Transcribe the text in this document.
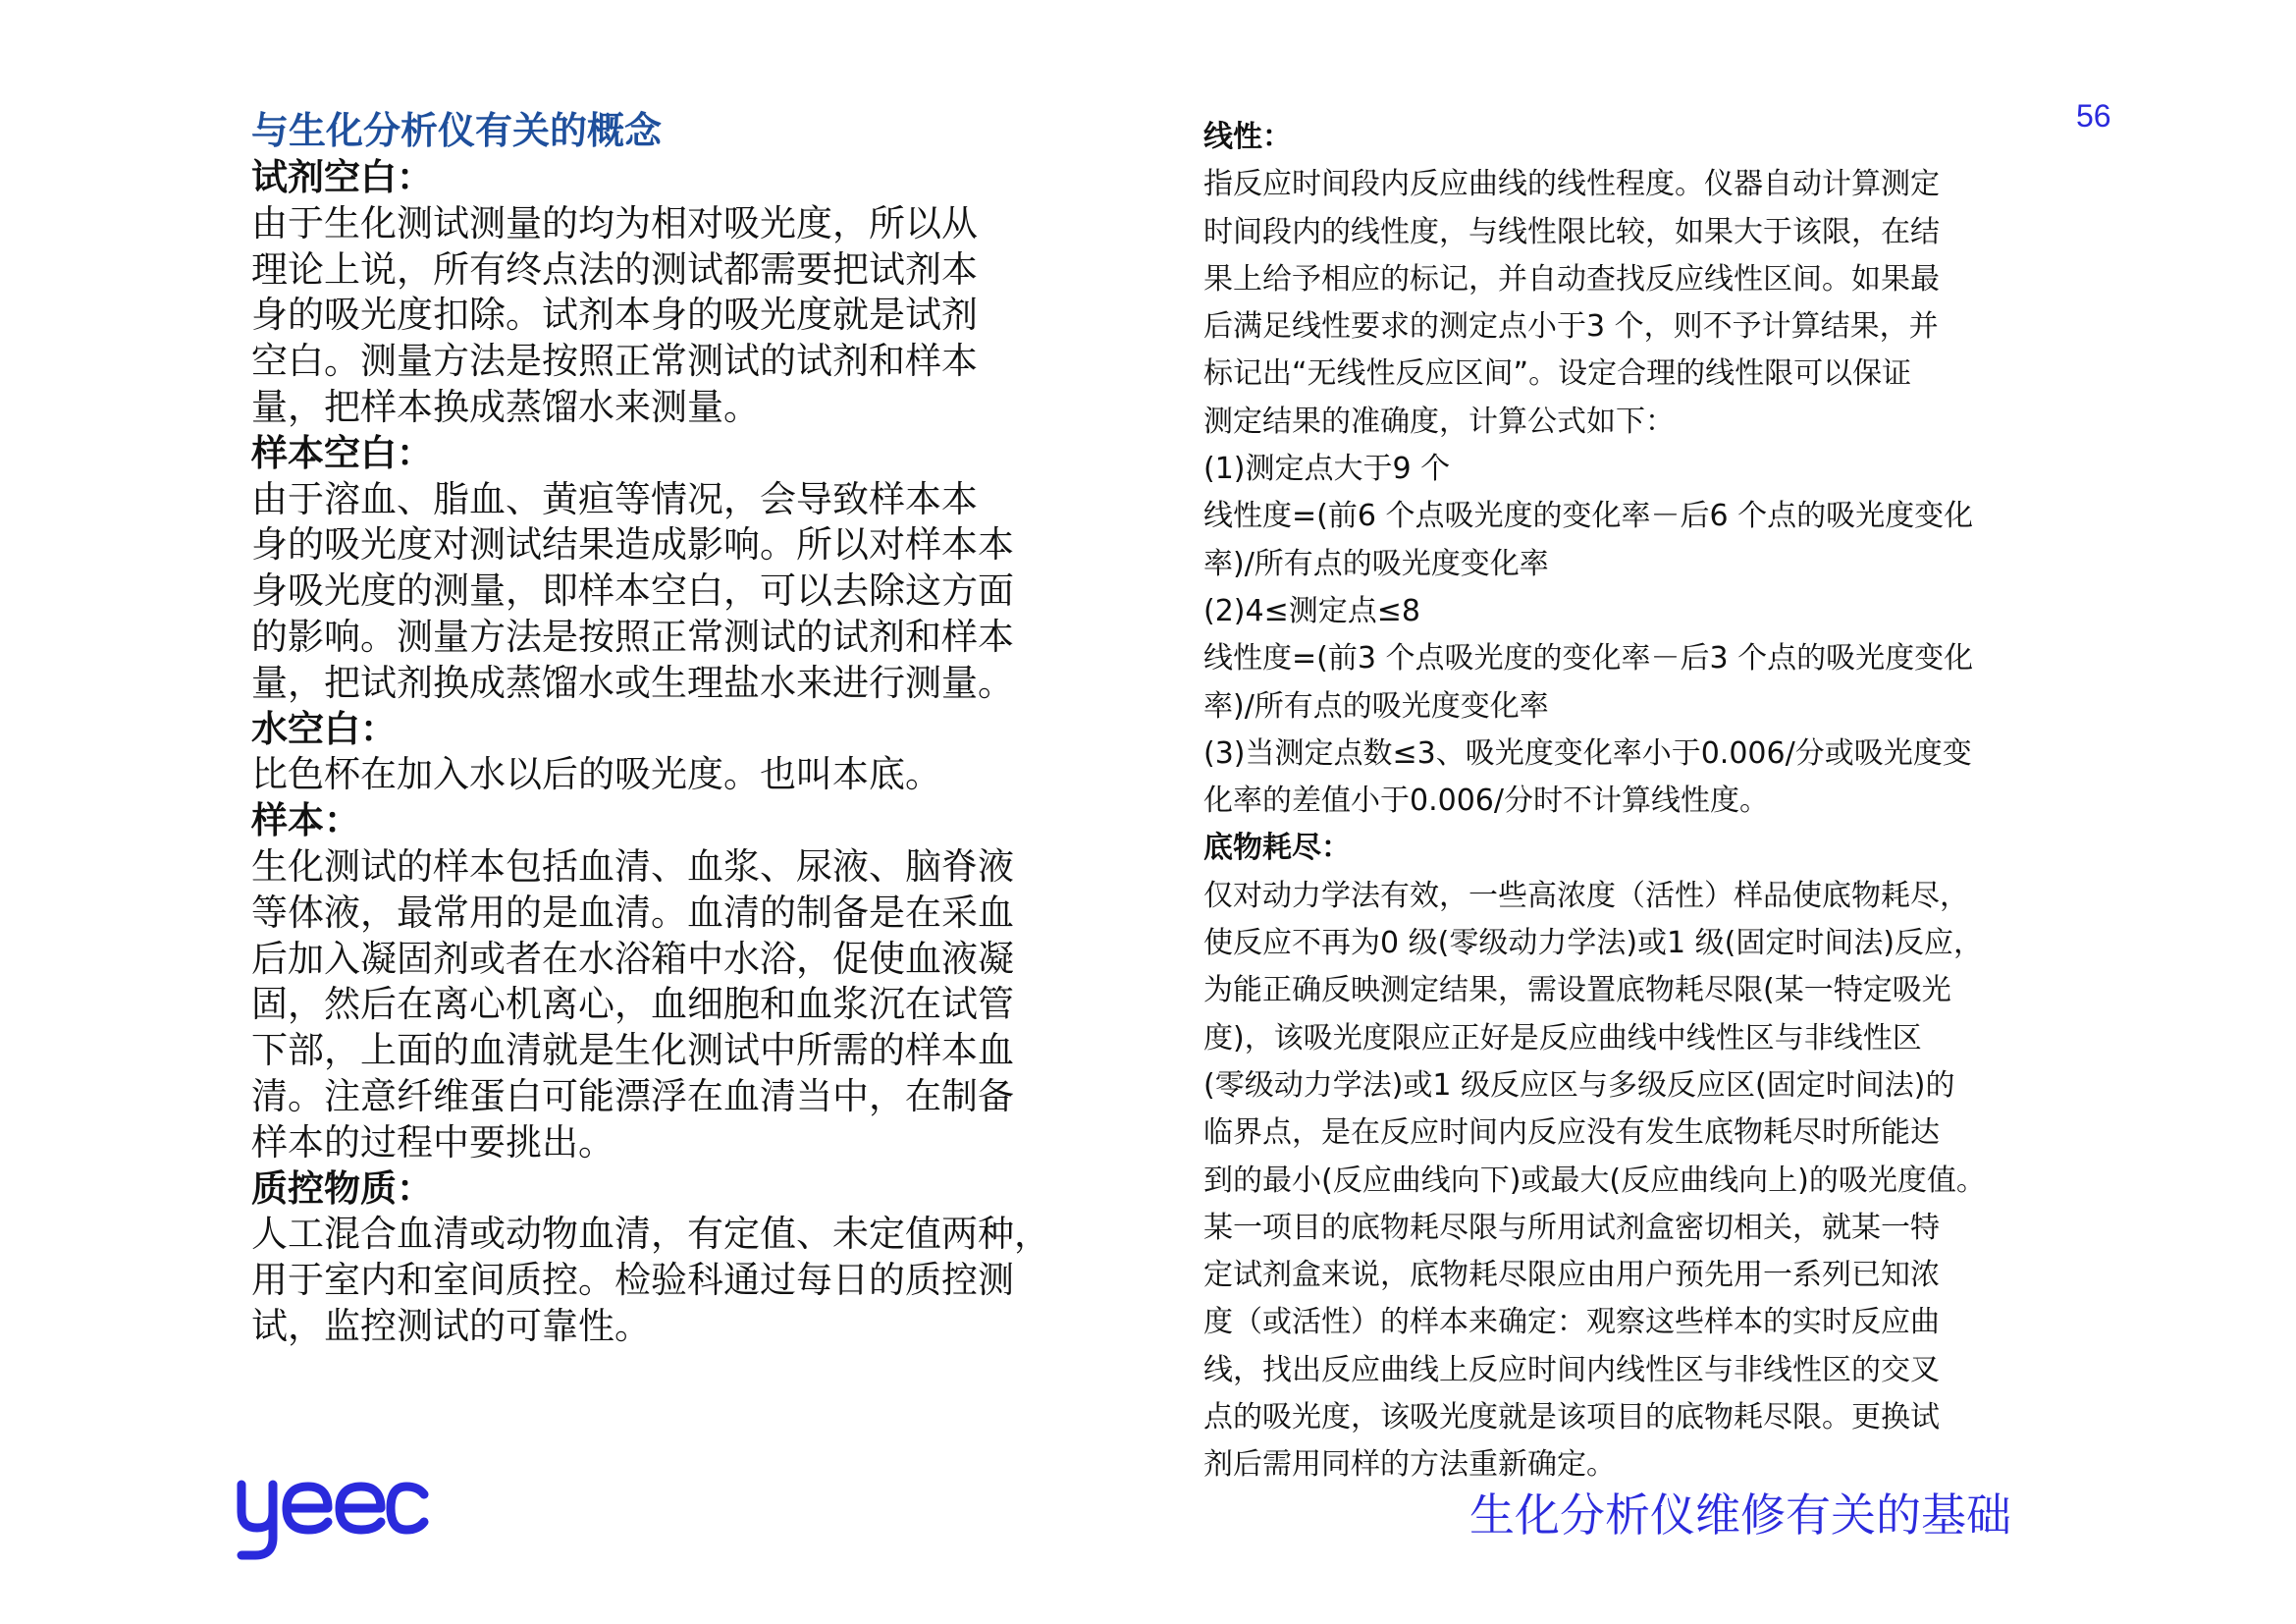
56
与生化分析仪有关的概念
试剂空白：

由于生化测试测量的均为相对吸光度，所以从

理论上说，所有终点法的测试都需要把试剂本

身的吸光度扣除。试剂本身的吸光度就是试剂

空白。测量方法是按照正常测试的试剂和样本

量，把样本换成蒸馏水来测量。

样本空白：

由于溶血、脂血、黄疸等情况，会导致样本本

身的吸光度对测试结果造成影响。所以对样本本

身吸光度的测量，即样本空白，可以去除这方面

的影响。测量方法是按照正常测试的试剂和样本

量，把试剂换成蒸馏水或生理盐水来进行测量。

水空白：

比色杯在加入水以后的吸光度。也叫本底。

样本：

生化测试的样本包括血清、血浆、尿液、脑脊液

等体液，最常用的是血清。血清的制备是在采血

后加入凝固剂或者在水浴箱中水浴，促使血液凝

固，然后在离心机离心，血细胞和血浆沉在试管

下部，上面的血清就是生化测试中所需的样本血

清。注意纤维蛋白可能漂浮在血清当中，在制备

样本的过程中要挑出。

质控物质：

人工混合血清或动物血清，有定值、未定值两种，

用于室内和室间质控。检验科通过每日的质控测

试，监控测试的可靠性。

线性：

指反应时间段内反应曲线的线性程度。仪器自动计算测定

时间段内的线性度，与线性限比较，如果大于该限，在结

果上给予相应的标记，并自动查找反应线性区间。如果最

后满足线性要求的测定点小于3 个，则不予计算结果，并

标记出“无线性反应区间”。设定合理的线性限可以保证

测定结果的准确度，计算公式如下：

(1)测定点大于9 个

线性度=(前6 个点吸光度的变化率－后6 个点的吸光度变化

率)/所有点的吸光度变化率

(2)4≤测定点≤8

线性度=(前3 个点吸光度的变化率－后3 个点的吸光度变化

率)/所有点的吸光度变化率

(3)当测定点数≤3、吸光度变化率小于0.006/分或吸光度变

化率的差值小于0.006/分时不计算线性度。

底物耗尽：

仅对动力学法有效，一些高浓度（活性）样品使底物耗尽，

使反应不再为0 级(零级动力学法)或1 级(固定时间法)反应，

为能正确反映测定结果，需设置底物耗尽限(某一特定吸光

度)，该吸光度限应正好是反应曲线中线性区与非线性区

(零级动力学法)或1 级反应区与多级反应区(固定时间法)的

临界点，是在反应时间内反应没有发生底物耗尽时所能达

到的最小(反应曲线向下)或最大(反应曲线向上)的吸光度值。

某一项目的底物耗尽限与所用试剂盒密切相关，就某一特

定试剂盒来说，底物耗尽限应由用户预先用一系列已知浓

度（或活性）的样本来确定：观察这些样本的实时反应曲

线，找出反应曲线上反应时间内线性区与非线性区的交叉

点的吸光度，该吸光度就是该项目的底物耗尽限。更换试

剂后需用同样的方法重新确定。

生化分析仪维修有关的基础
